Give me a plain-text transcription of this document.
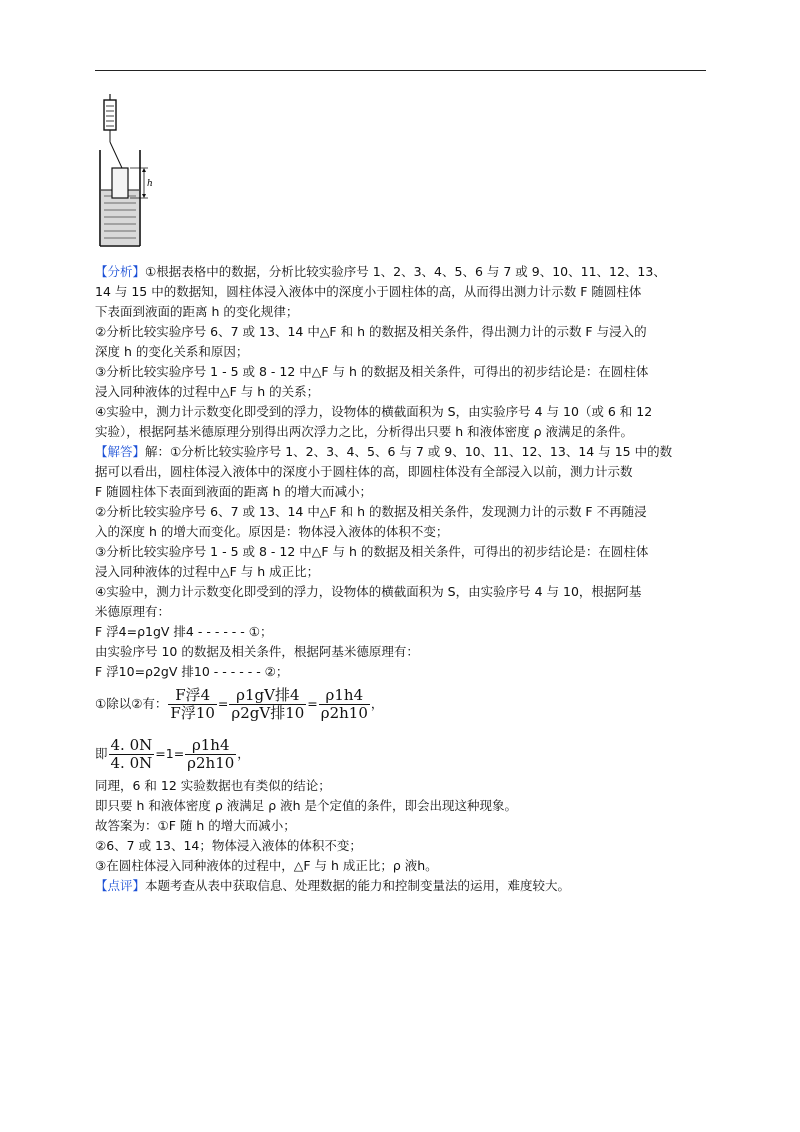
h
【分析】①根据表格中的数据，分析比较实验序号 1、2、3、4、5、6 与 7 或 9、10、11、12、13、
14 与 15 中的数据知，圆柱体浸入液体中的深度小于圆柱体的高，从而得出测力计示数 F 随圆柱体
下表面到液面的距离 h 的变化规律；
②分析比较实验序号 6、7 或 13、14 中△F 和 h 的数据及相关条件，得出测力计的示数 F 与浸入的
深度 h 的变化关系和原因；
③分析比较实验序号 1 - 5 或 8 - 12 中△F 与 h 的数据及相关条件，可得出的初步结论是：在圆柱体
浸入同种液体的过程中△F 与 h 的关系；
④实验中，测力计示数变化即受到的浮力，设物体的横截面积为 S，由实验序号 4 与 10（或 6 和 12
实验），根据阿基米德原理分别得出两次浮力之比，分析得出只要 h 和液体密度 ρ 液满足的条件。
【解答】解：①分析比较实验序号 1、2、3、4、5、6 与 7 或 9、10、11、12、13、14 与 15 中的数
据可以看出，圆柱体浸入液体中的深度小于圆柱体的高，即圆柱体没有全部浸入以前，测力计示数
F 随圆柱体下表面到液面的距离 h 的增大而减小；
②分析比较实验序号 6、7 或 13、14 中△F 和 h 的数据及相关条件，发现测力计的示数 F 不再随浸
入的深度 h 的增大而变化。原因是：物体浸入液体的体积不变；
③分析比较实验序号 1 - 5 或 8 - 12 中△F 与 h 的数据及相关条件，可得出的初步结论是：在圆柱体
浸入同种液体的过程中△F 与 h 成正比；
④实验中，测力计示数变化即受到的浮力，设物体的横截面积为 S，由实验序号 4 与 10，根据阿基
米德原理有：
F 浮4=ρ1gV 排4 - - - - - - ①；
由实验序号 10 的数据及相关条件，根据阿基米德原理有：
F 浮10=ρ2gV 排10 - - - - - - ②；
①除以②有： $\frac{\text{F浮4}}{\text{F浮10}} = \frac{\text{ρ1gV排4}}{\text{ρ2gV排10}} = \frac{\rho 1h4}{\rho 2h10}$ ，
即 $\frac{4. 0N}{4. 0N} =1= \frac{\rho 1h4}{\rho 2h10}$ ，
同理，6 和 12 实验数据也有类似的结论；
即只要 h 和液体密度 ρ 液满足 ρ 液h 是个定值的条件，即会出现这种现象。
故答案为：①F 随 h 的增大而减小；
②6、7 或 13、14；物体浸入液体的体积不变；
③在圆柱体浸入同种液体的过程中，△F 与 h 成正比；ρ 液h。
【点评】本题考查从表中获取信息、处理数据的能力和控制变量法的运用，难度较大。
